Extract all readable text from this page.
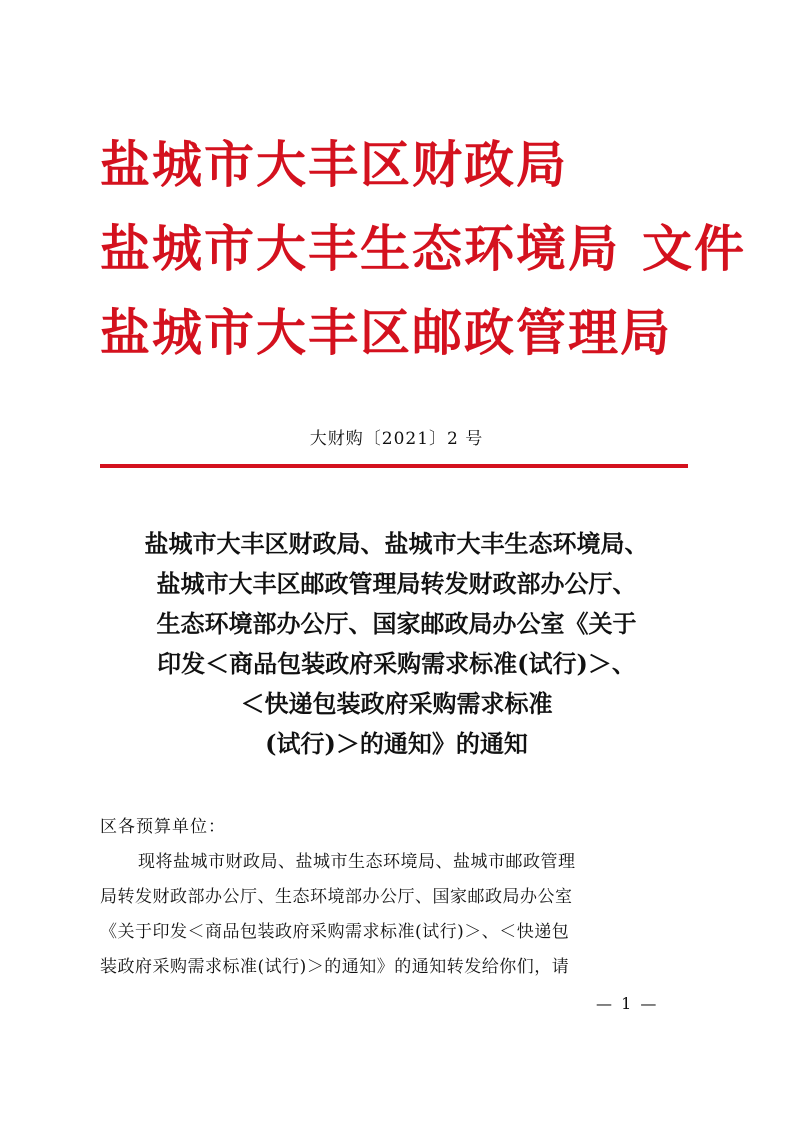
盐城市大丰区财政局
盐城市大丰生态环境局 文件
盐城市大丰区邮政管理局
大财购〔2021〕2 号
盐城市大丰区财政局、盐城市大丰生态环境局、
盐城市大丰区邮政管理局转发财政部办公厅、
生态环境部办公厅、国家邮政局办公室《关于
印发＜商品包装政府采购需求标准(试行)＞、
＜快递包装政府采购需求标准
(试行)＞的通知》的通知
区各预算单位：
现将盐城市财政局、盐城市生态环境局、盐城市邮政管理
局转发财政部办公厅、生态环境部办公厅、国家邮政局办公室
《关于印发＜商品包装政府采购需求标准(试行)＞、＜快递包
装政府采购需求标准(试行)＞的通知》的通知转发给你们，请
— 1 —
